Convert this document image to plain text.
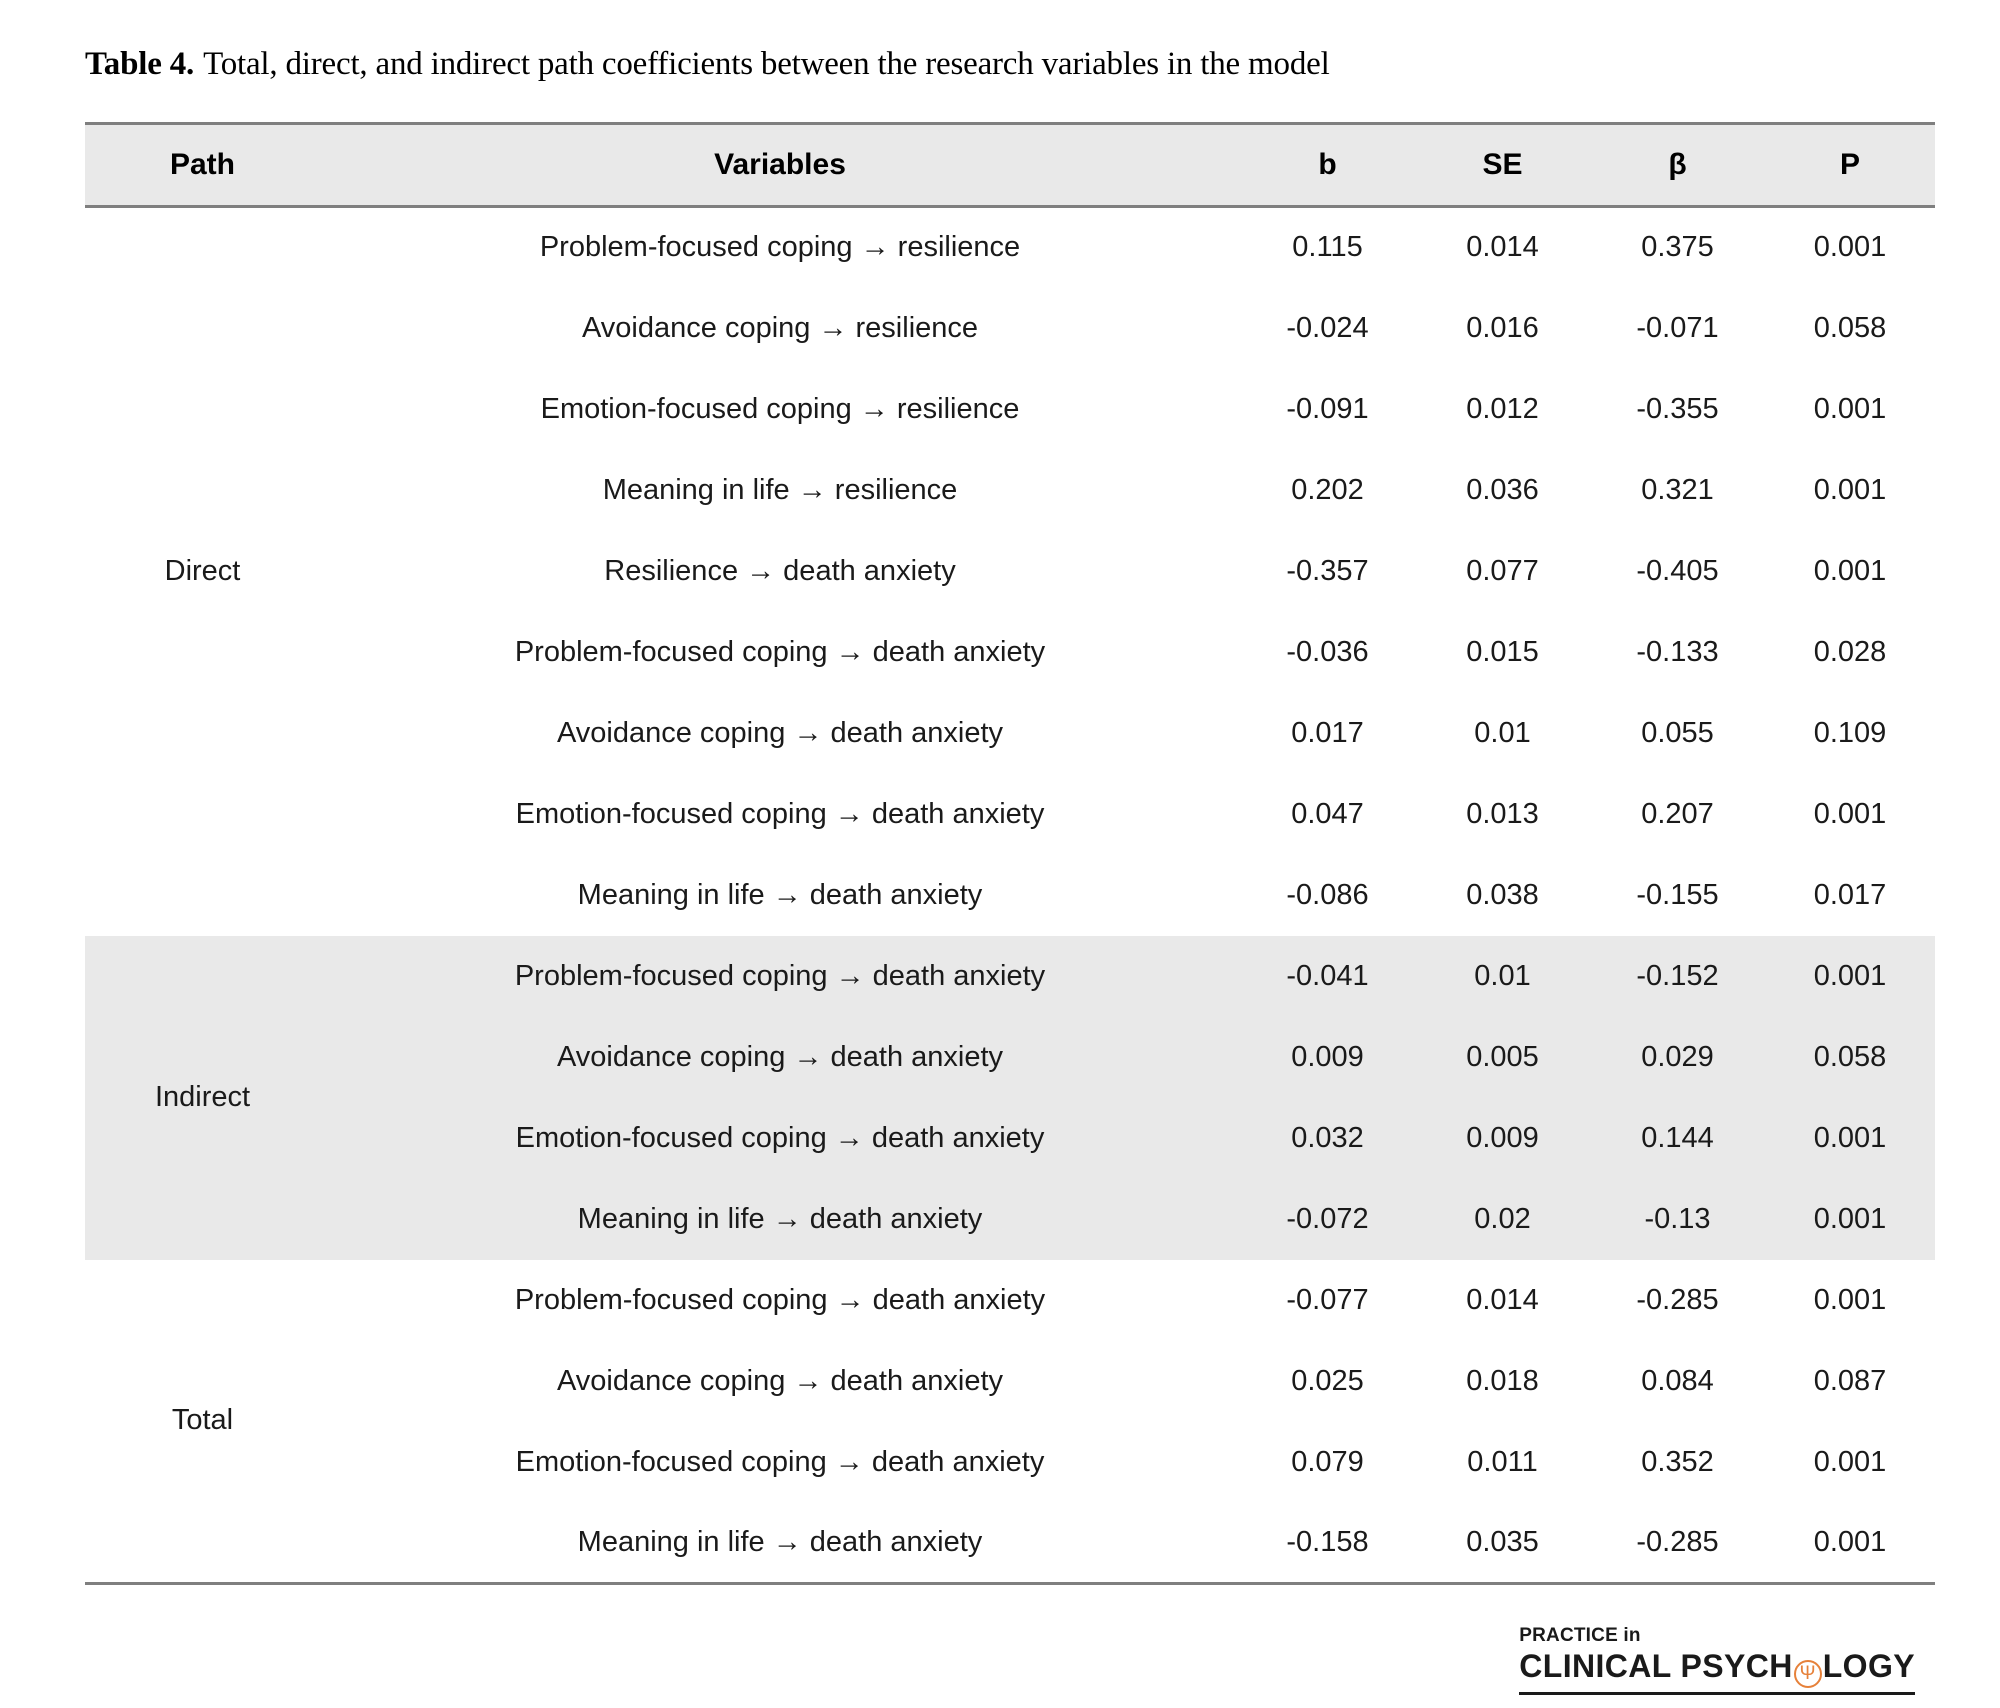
Table 4. Total, direct, and indirect path coefficients between the research variables in the model
Path	Variables	b	SE	β	P
Direct	Problem-focused coping → resilience	0.115	0.014	0.375	0.001
	Avoidance coping → resilience	-0.024	0.016	-0.071	0.058
	Emotion-focused coping → resilience	-0.091	0.012	-0.355	0.001
	Meaning in life → resilience	0.202	0.036	0.321	0.001
	Resilience → death anxiety	-0.357	0.077	-0.405	0.001
	Problem-focused coping → death anxiety	-0.036	0.015	-0.133	0.028
	Avoidance coping → death anxiety	0.017	0.01	0.055	0.109
	Emotion-focused coping → death anxiety	0.047	0.013	0.207	0.001
	Meaning in life → death anxiety	-0.086	0.038	-0.155	0.017
Indirect	Problem-focused coping → death anxiety	-0.041	0.01	-0.152	0.001
	Avoidance coping → death anxiety	0.009	0.005	0.029	0.058
	Emotion-focused coping → death anxiety	0.032	0.009	0.144	0.001
	Meaning in life → death anxiety	-0.072	0.02	-0.13	0.001
Total	Problem-focused coping → death anxiety	-0.077	0.014	-0.285	0.001
	Avoidance coping → death anxiety	0.025	0.018	0.084	0.087
	Emotion-focused coping → death anxiety	0.079	0.011	0.352	0.001
	Meaning in life → death anxiety	-0.158	0.035	-0.285	0.001
PRACTICE in
CLINICAL PSYCH Ψ LOGY
